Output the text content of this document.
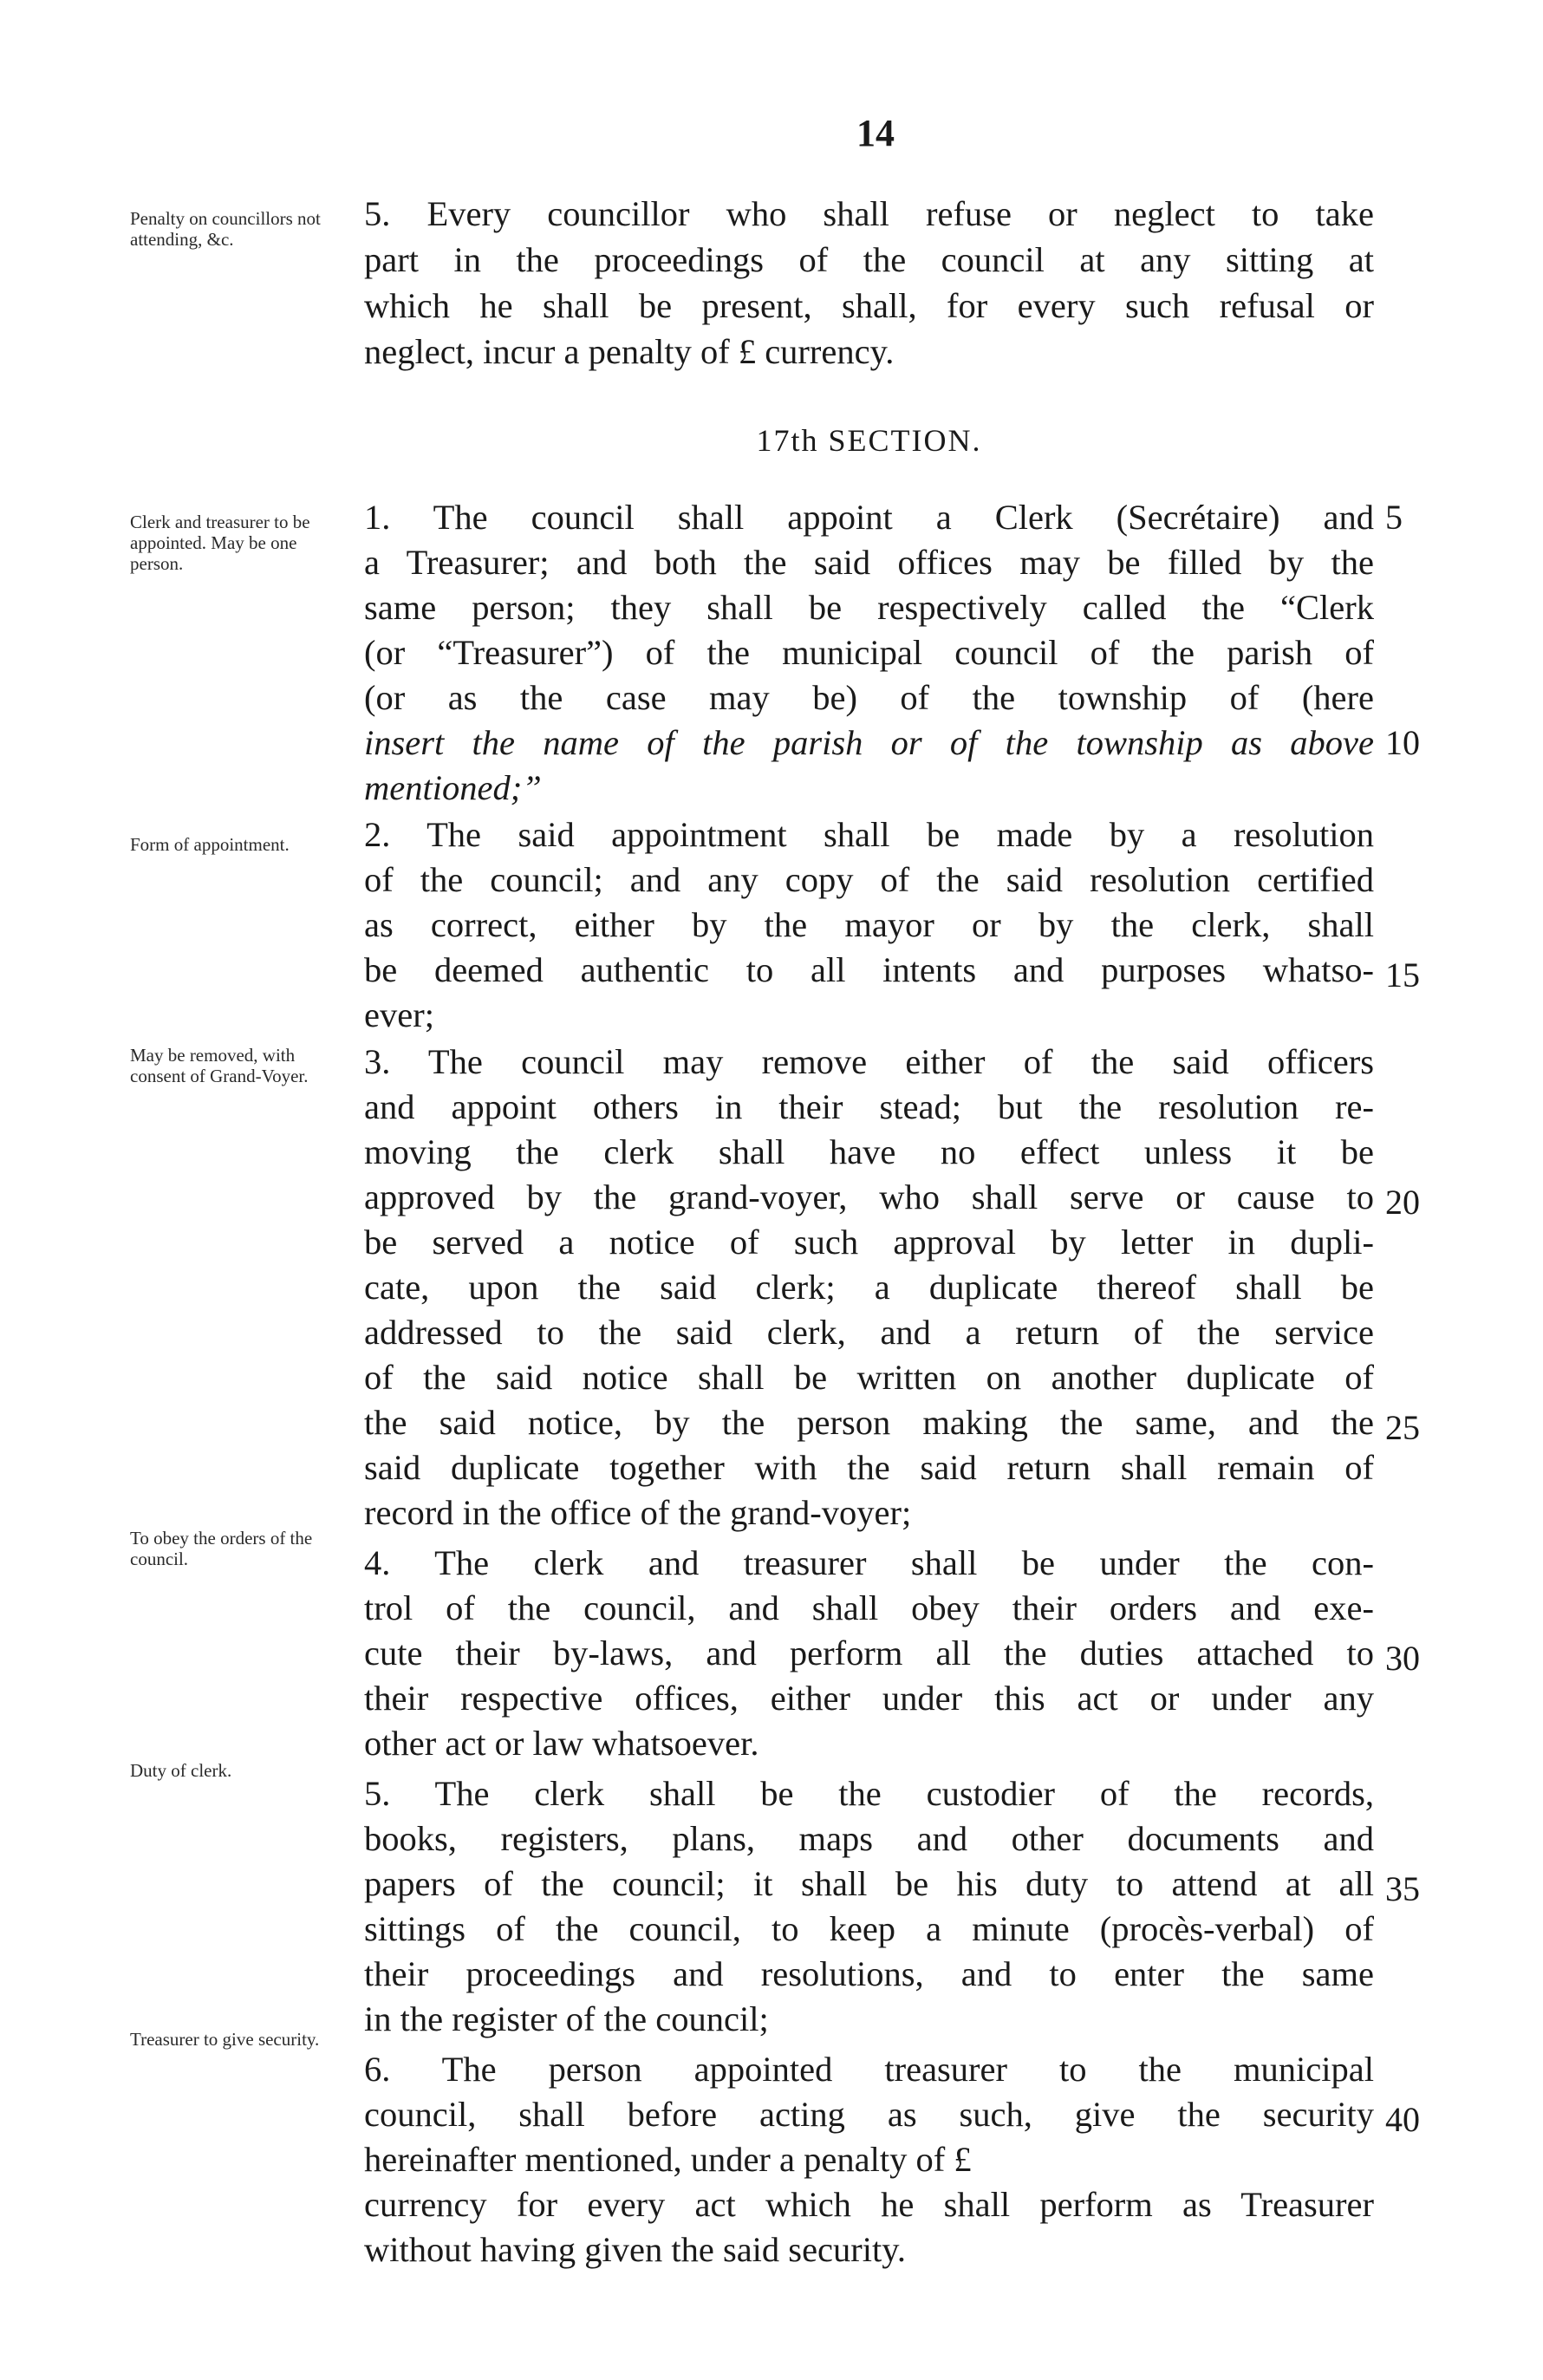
14
Penalty on councillors not attending, &c.
Clerk and treasurer to be appointed. May be one person.
Form of appointment.
May be removed, with consent of Grand-Voyer.
To obey the orders of the council.
Duty of clerk.
Treasurer to give security.
17th SECTION.
5. Every councillor who shall refuse or neglect to take
part in the proceedings of the council at any sitting at
which he shall be present, shall, for every such refusal or
neglect, incur a penalty of £ currency.
1. The council shall appoint a Clerk (Secrétaire) and
a Treasurer; and both the said offices may be filled by the
same person; they shall be respectively called the “Clerk
(or “Treasurer”) of the municipal council of the parish of
(or as the case may be) of the township of (here
insert the name of the parish or of the township as above
mentioned;”
2. The said appointment shall be made by a resolution
of the council; and any copy of the said resolution certified
as correct, either by the mayor or by the clerk, shall
be deemed authentic to all intents and purposes whatso-
ever;
3. The council may remove either of the said officers
and appoint others in their stead; but the resolution re-
moving the clerk shall have no effect unless it be
approved by the grand-voyer, who shall serve or cause to
be served a notice of such approval by letter in dupli-
cate, upon the said clerk; a duplicate thereof shall be
addressed to the said clerk, and a return of the service
of the said notice shall be written on another duplicate of
the said notice, by the person making the same, and the
said duplicate together with the said return shall remain of
record in the office of the grand-voyer;
4. The clerk and treasurer shall be under the con-
trol of the council, and shall obey their orders and exe-
cute their by-laws, and perform all the duties attached to
their respective offices, either under this act or under any
other act or law whatsoever.
5. The clerk shall be the custodier of the records,
books, registers, plans, maps and other documents and
papers of the council; it shall be his duty to attend at all
sittings of the council, to keep a minute (procès-verbal) of
their proceedings and resolutions, and to enter the same
in the register of the council;
6. The person appointed treasurer to the municipal
council, shall before acting as such, give the security
hereinafter mentioned, under a penalty of £
currency for every act which he shall perform as Treasurer
without having given the said security.
5
10
15
20
25
30
35
40
